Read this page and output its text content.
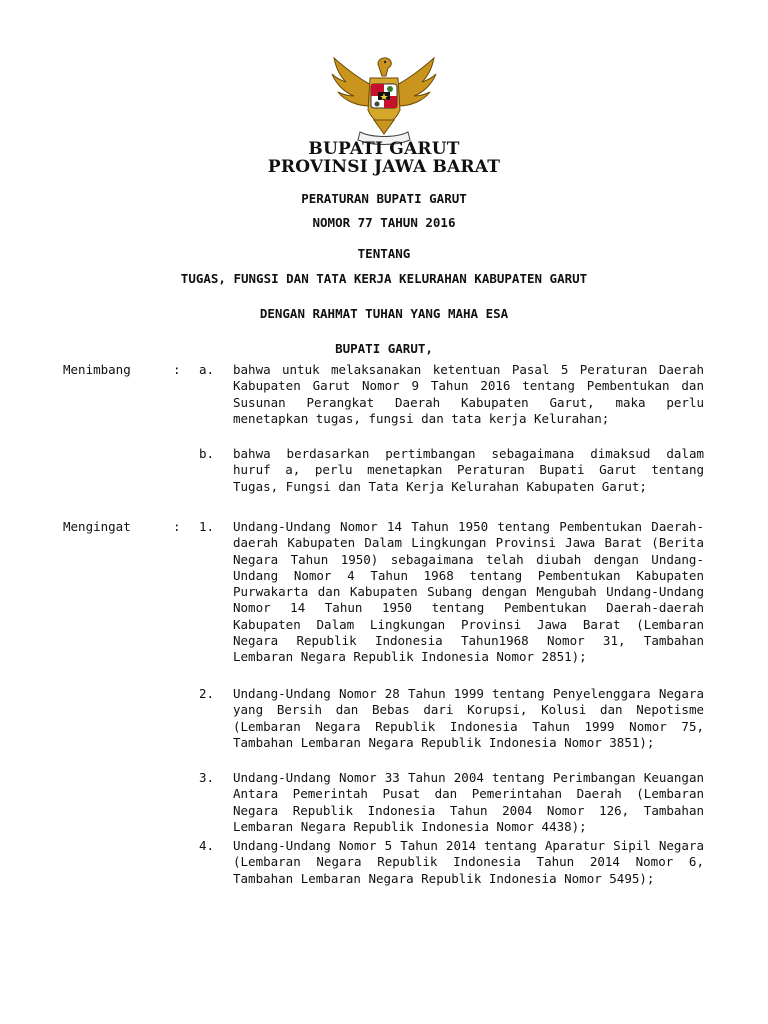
BUPATI GARUT
PROVINSI JAWA BARAT
PERATURAN BUPATI GARUT
NOMOR 77 TAHUN 2016
TENTANG
TUGAS, FUNGSI DAN TATA KERJA KELURAHAN KABUPATEN GARUT
DENGAN RAHMAT TUHAN YANG MAHA ESA
BUPATI GARUT,
Menimbang	: a. bahwa untuk melaksanakan ketentuan Pasal 5 Peraturan Daerah Kabupaten Garut Nomor 9 Tahun 2016 tentang Pembentukan dan Susunan Perangkat Daerah Kabupaten Garut, maka perlu menetapkan tugas, fungsi dan tata kerja Kelurahan;
b. bahwa berdasarkan pertimbangan sebagaimana dimaksud dalam huruf a, perlu menetapkan Peraturan Bupati Garut tentang Tugas, Fungsi dan Tata Kerja Kelurahan Kabupaten Garut;
Mengingat	: 1. Undang-Undang Nomor 14 Tahun 1950 tentang Pembentukan Daerah-daerah Kabupaten Dalam Lingkungan Provinsi Jawa Barat (Berita Negara Tahun 1950) sebagaimana telah diubah dengan Undang-Undang Nomor 4 Tahun 1968 tentang Pembentukan Kabupaten Purwakarta dan Kabupaten Subang dengan Mengubah Undang-Undang Nomor 14 Tahun 1950 tentang Pembentukan Daerah-daerah Kabupaten Dalam Lingkungan Provinsi Jawa Barat (Lembaran Negara Republik Indonesia Tahun1968 Nomor 31, Tambahan Lembaran Negara Republik Indonesia Nomor 2851);
2. Undang-Undang Nomor 28 Tahun 1999 tentang Penyelenggara Negara yang Bersih dan Bebas dari Korupsi, Kolusi dan Nepotisme (Lembaran Negara Republik Indonesia Tahun 1999 Nomor 75, Tambahan Lembaran Negara Republik Indonesia Nomor 3851);
3. Undang-Undang Nomor 33 Tahun 2004 tentang Perimbangan Keuangan Antara Pemerintah Pusat dan Pemerintahan Daerah (Lembaran Negara Republik Indonesia Tahun 2004 Nomor 126, Tambahan Lembaran Negara Republik Indonesia Nomor 4438);
4. Undang-Undang Nomor 5 Tahun 2014 tentang Aparatur Sipil Negara (Lembaran Negara Republik Indonesia Tahun 2014 Nomor 6, Tambahan Lembaran Negara Republik Indonesia Nomor 5495);
